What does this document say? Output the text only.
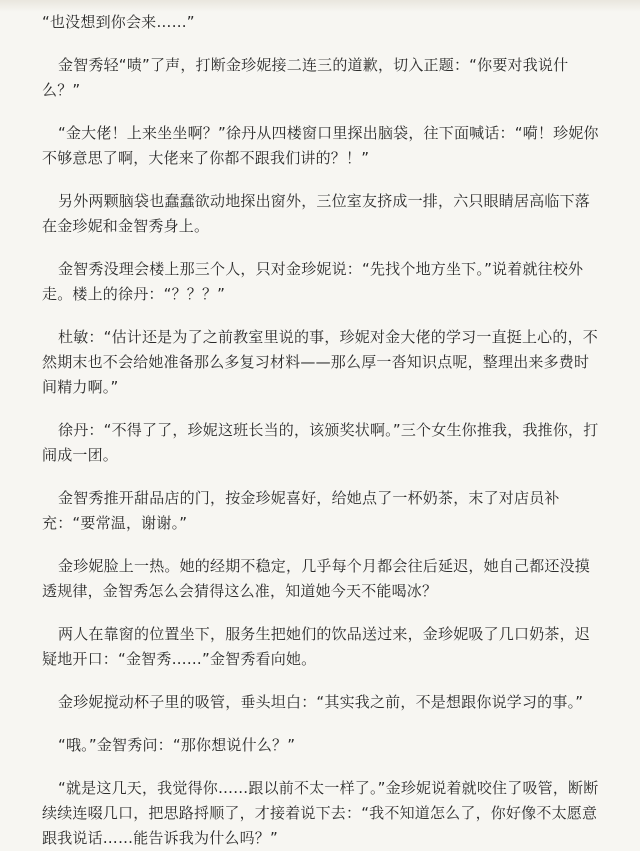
“也没想到你会来……”

金智秀轻“啧”了声，打断金珍妮接二连三的道歉，切入正题：“你要对我说什么？”

“金大佬！上来坐坐啊？”徐丹从四楼窗口里探出脑袋，往下面喊话：“嗬！珍妮你不够意思了啊，大佬来了你都不跟我们讲的？！”

另外两颗脑袋也蠢蠢欲动地探出窗外，三位室友挤成一排，六只眼睛居高临下落在金珍妮和金智秀身上。

金智秀没理会楼上那三个人，只对金珍妮说：“先找个地方坐下。”说着就往校外走。楼上的徐丹：“？？？”

杜敏：“估计还是为了之前教室里说的事，珍妮对金大佬的学习一直挺上心的，不然期末也不会给她准备那么多复习材料——那么厚一沓知识点呢，整理出来多费时间精力啊。”

徐丹：“不得了了，珍妮这班长当的，该颁奖状啊。”三个女生你推我，我推你，打闹成一团。

金智秀推开甜品店的门，按金珍妮喜好，给她点了一杯奶茶，末了对店员补充：“要常温，谢谢。”

金珍妮脸上一热。她的经期不稳定，几乎每个月都会往后延迟，她自己都还没摸透规律，金智秀怎么会猜得这么准，知道她今天不能喝冰？

两人在靠窗的位置坐下，服务生把她们的饮品送过来，金珍妮吸了几口奶茶，迟疑地开口：“金智秀……”金智秀看向她。

金珍妮搅动杯子里的吸管，垂头坦白：“其实我之前，不是想跟你说学习的事。”

“哦。”金智秀问：“那你想说什么？”

“就是这几天，我觉得你……跟以前不太一样了。”金珍妮说着就咬住了吸管，断断续续连啜几口，把思路捋顺了，才接着说下去：“我不知道怎么了，你好像不太愿意跟我说话……能告诉我为什么吗？”
